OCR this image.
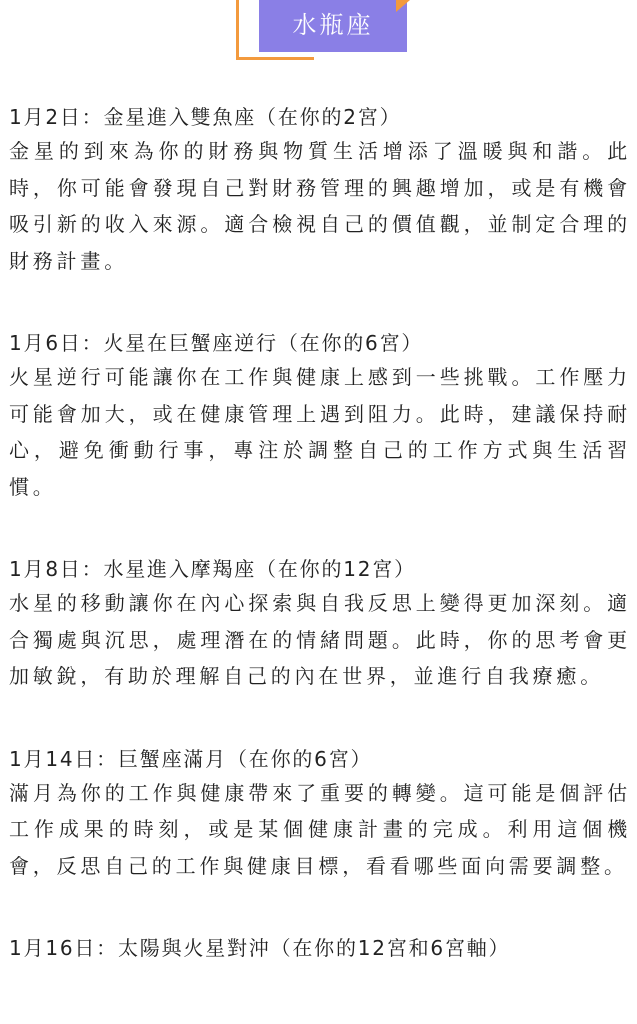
水瓶座
1月2日：金星進入雙魚座（在你的2宮）
金星的到來為你的財務與物質生活增添了溫暖與和諧。此時，你可能會發現自己對財務管理的興趣增加，或是有機會吸引新的收入來源。適合檢視自己的價值觀，並制定合理的財務計畫。
1月6日：火星在巨蟹座逆行（在你的6宮）
火星逆行可能讓你在工作與健康上感到一些挑戰。工作壓力可能會加大，或在健康管理上遇到阻力。此時，建議保持耐心，避免衝動行事，專注於調整自己的工作方式與生活習慣。
1月8日：水星進入摩羯座（在你的12宮）
水星的移動讓你在內心探索與自我反思上變得更加深刻。適合獨處與沉思，處理潛在的情緒問題。此時，你的思考會更加敏銳，有助於理解自己的內在世界，並進行自我療癒。
1月14日：巨蟹座滿月（在你的6宮）
滿月為你的工作與健康帶來了重要的轉變。這可能是個評估工作成果的時刻，或是某個健康計畫的完成。利用這個機會，反思自己的工作與健康目標，看看哪些面向需要調整。
1月16日：太陽與火星對沖（在你的12宮和6宮軸）
